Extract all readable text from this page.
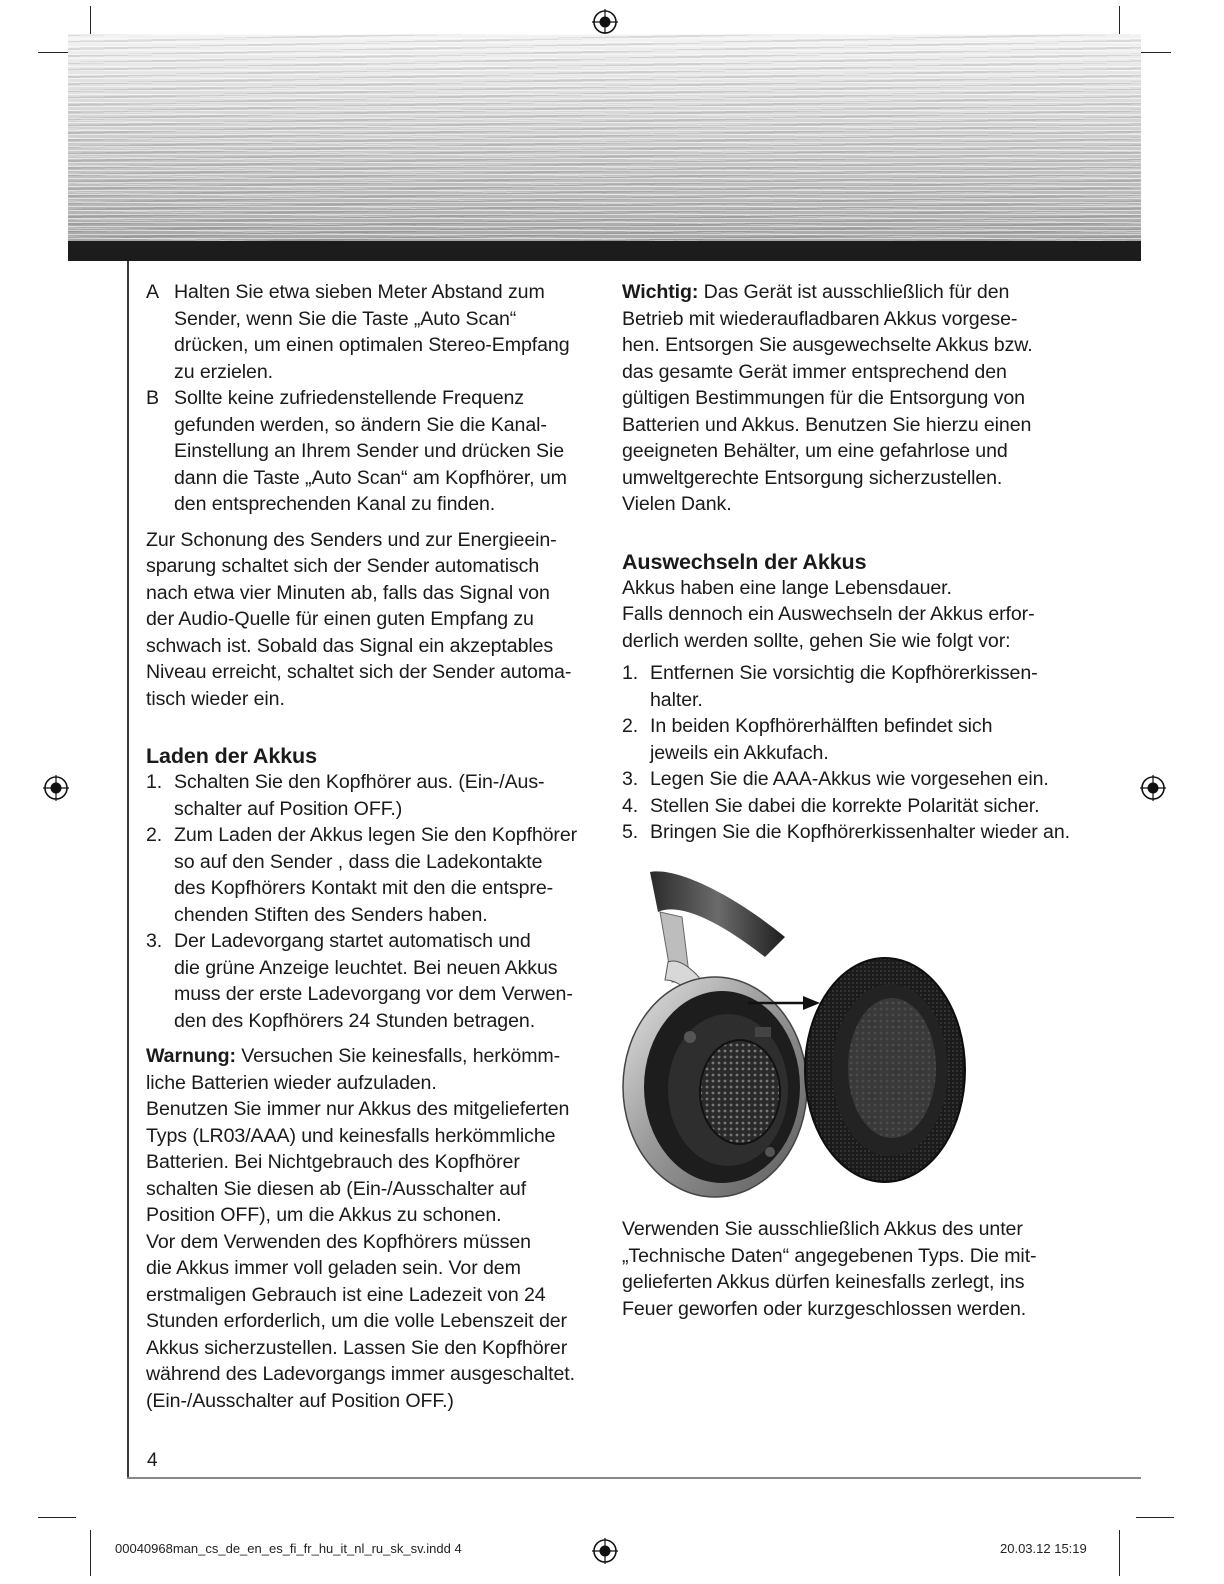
A Halten Sie etwa sieben Meter Abstand zum
Sender, wenn Sie die Taste „Auto Scan“
drücken, um einen optimalen Stereo-Empfang
zu erzielen.
B Sollte keine zufriedenstellende Frequenz
gefunden werden, so ändern Sie die Kanal-
Einstellung an Ihrem Sender und drücken Sie
dann die Taste „Auto Scan“ am Kopfhörer, um
den entsprechenden Kanal zu finden.

Zur Schonung des Senders und zur Energieein-
sparung schaltet sich der Sender automatisch
nach etwa vier Minuten ab, falls das Signal von
der Audio-Quelle für einen guten Empfang zu
schwach ist. Sobald das Signal ein akzeptables
Niveau erreicht, schaltet sich der Sender automa-
tisch wieder ein.

Laden der Akkus

1. Schalten Sie den Kopfhörer aus. (Ein-/Aus-
schalter auf Position OFF.)
2. Zum Laden der Akkus legen Sie den Kopfhörer
so auf den Sender , dass die Ladekontakte
des Kopfhörers Kontakt mit den die entspre-
chenden Stiften des Senders haben.
3. Der Ladevorgang startet automatisch und
die grüne Anzeige leuchtet. Bei neuen Akkus
muss der erste Ladevorgang vor dem Verwen-
den des Kopfhörers 24 Stunden betragen.

Warnung: Versuchen Sie keinesfalls, herkömm-
liche Batterien wieder aufzuladen.
Benutzen Sie immer nur Akkus des mitgelieferten
Typs (LR03/AAA) und keinesfalls herkömmliche
Batterien. Bei Nichtgebrauch des Kopfhörer
schalten Sie diesen ab (Ein-/Ausschalter auf
Position OFF), um die Akkus zu schonen.
Vor dem Verwenden des Kopfhörers müssen
die Akkus immer voll geladen sein. Vor dem
erstmaligen Gebrauch ist eine Ladezeit von 24
Stunden erforderlich, um die volle Lebenszeit der
Akkus sicherzustellen. Lassen Sie den Kopfhörer
während des Ladevorgangs immer ausgeschaltet.
(Ein-/Ausschalter auf Position OFF.)

Wichtig: Das Gerät ist ausschließlich für den
Betrieb mit wiederaufladbaren Akkus vorgese-
hen. Entsorgen Sie ausgewechselte Akkus bzw.
das gesamte Gerät immer entsprechend den
gültigen Bestimmungen für die Entsorgung von
Batterien und Akkus. Benutzen Sie hierzu einen
geeigneten Behälter, um eine gefahrlose und
umweltgerechte Entsorgung sicherzustellen.
Vielen Dank.

Auswechseln der Akkus

Akkus haben eine lange Lebensdauer.
Falls dennoch ein Auswechseln der Akkus erfor-
derlich werden sollte, gehen Sie wie folgt vor:

1. Entfernen Sie vorsichtig die Kopfhörerkissen-
halter.
2. In beiden Kopfhörerhälften befindet sich
jeweils ein Akkufach.
3. Legen Sie die AAA-Akkus wie vorgesehen ein.
4. Stellen Sie dabei die korrekte Polarität sicher.
5. Bringen Sie die Kopfhörerkissenhalter wieder an.

Verwenden Sie ausschließlich Akkus des unter
„Technische Daten“ angegebenen Typs. Die mit-
gelieferten Akkus dürfen keinesfalls zerlegt, ins
Feuer geworfen oder kurzgeschlossen werden.

4
00040968man_cs_de_en_es_fi_fr_hu_it_nl_ru_sk_sv.indd 4	20.03.12 15:19
